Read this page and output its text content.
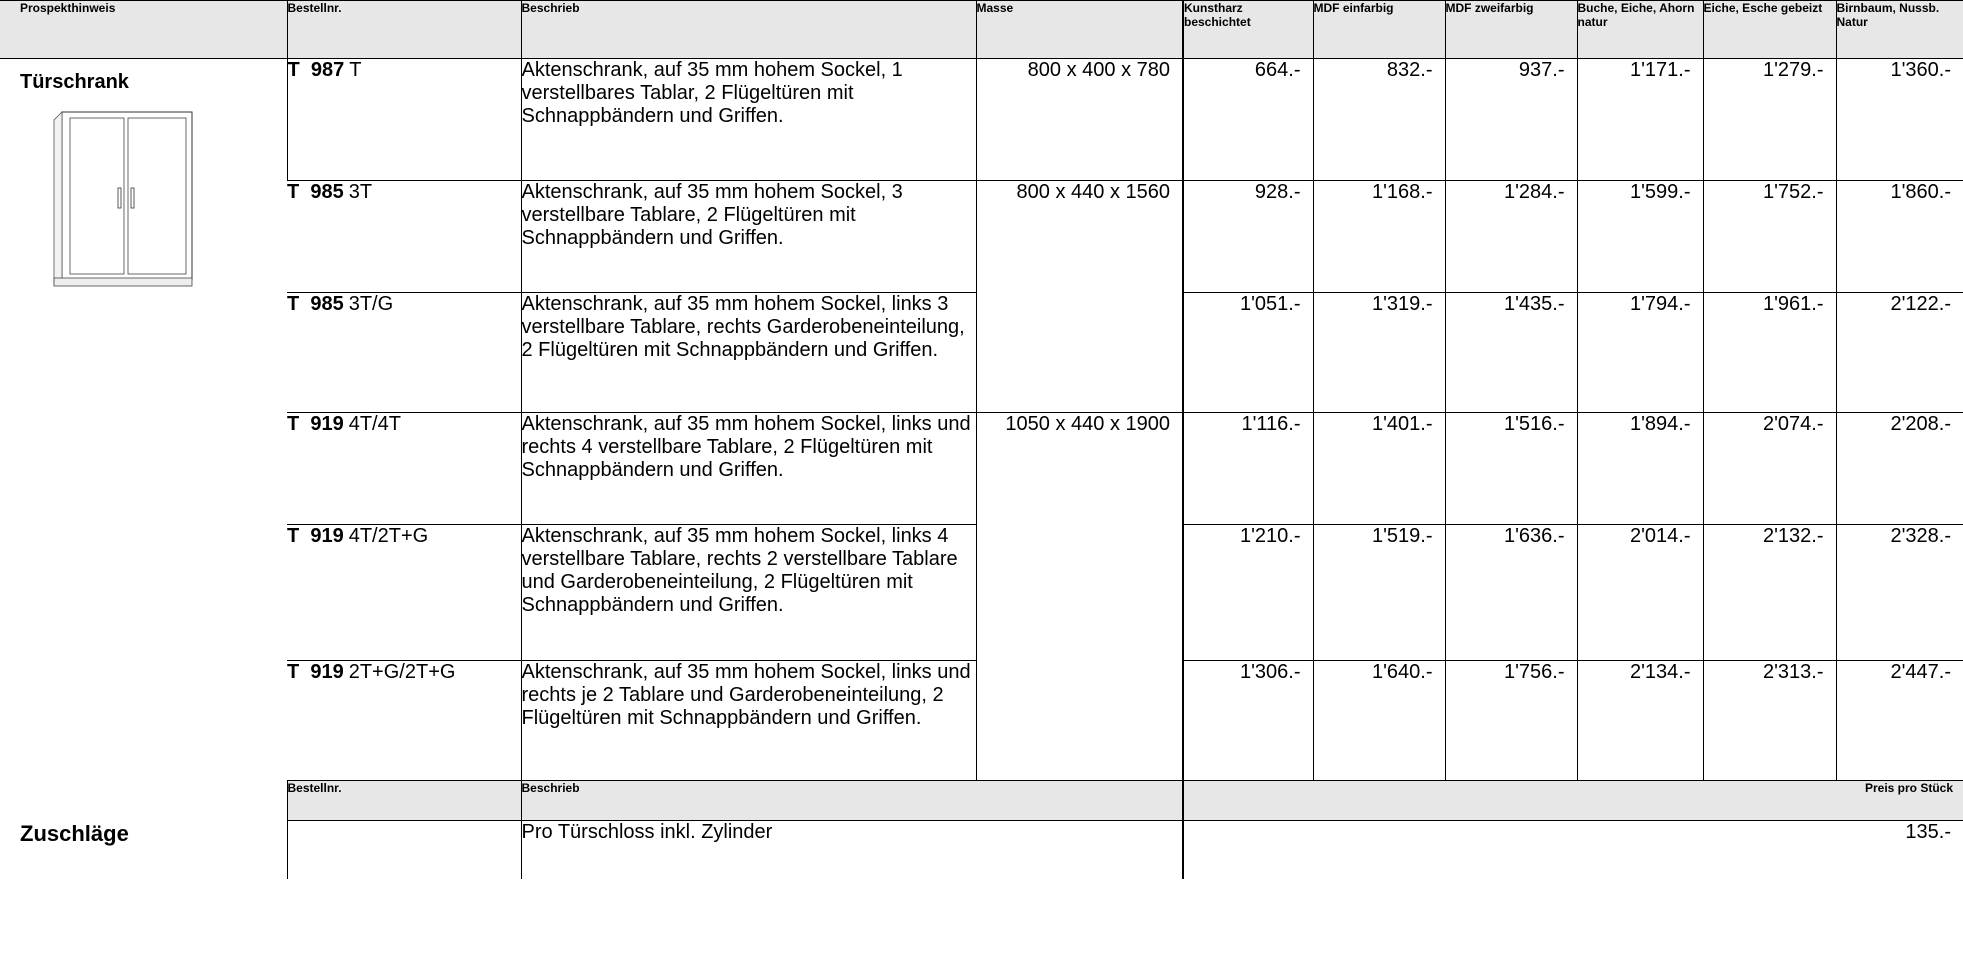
Prospekthinweis	Bestellnr.	Beschrieb	Masse	Kunstharz beschichtet	MDF einfarbig	MDF zweifarbig	Buche, Eiche, Ahorn natur	Eiche, Esche gebeizt	Birnbaum, Nussb. Natur

Türschrank	T 987 T	Aktenschrank, auf 35 mm hohem Sockel, 1 verstellbares Tablar, 2 Flügeltüren mit Schnappbändern und Griffen.	800 x 400 x 780	664.-	832.-	937.-	1'171.-	1'279.-	1'360.-
	T 985 3T	Aktenschrank, auf 35 mm hohem Sockel, 3 verstellbare Tablare, 2 Flügeltüren mit Schnappbändern und Griffen.	800 x 440 x 1560	928.-	1'168.-	1'284.-	1'599.-	1'752.-	1'860.-
	T 985 3T/G	Aktenschrank, auf 35 mm hohem Sockel, links 3 verstellbare Tablare, rechts Garderobeneinteilung, 2 Flügeltüren mit Schnappbändern und Griffen.		1'051.-	1'319.-	1'435.-	1'794.-	1'961.-	2'122.-
	T 919 4T/4T	Aktenschrank, auf 35 mm hohem Sockel, links und rechts 4 verstellbare Tablare, 2 Flügeltüren mit Schnappbändern und Griffen.	1050 x 440 x 1900	1'116.-	1'401.-	1'516.-	1'894.-	2'074.-	2'208.-
	T 919 4T/2T+G	Aktenschrank, auf 35 mm hohem Sockel, links 4 verstellbare Tablare, rechts 2 verstellbare Tablare und Garderobeneinteilung, 2 Flügeltüren mit Schnappbändern und Griffen.		1'210.-	1'519.-	1'636.-	2'014.-	2'132.-	2'328.-
	T 919 2T+G/2T+G	Aktenschrank, auf 35 mm hohem Sockel, links und rechts je 2 Tablare und Garderobeneinteilung, 2 Flügeltüren mit Schnappbändern und Griffen.		1'306.-	1'640.-	1'756.-	2'134.-	2'313.-	2'447.-
	Bestellnr.	Beschrieb		Preis pro Stück					
Zuschläge		Pro Türschloss inkl. Zylinder		135.-					
